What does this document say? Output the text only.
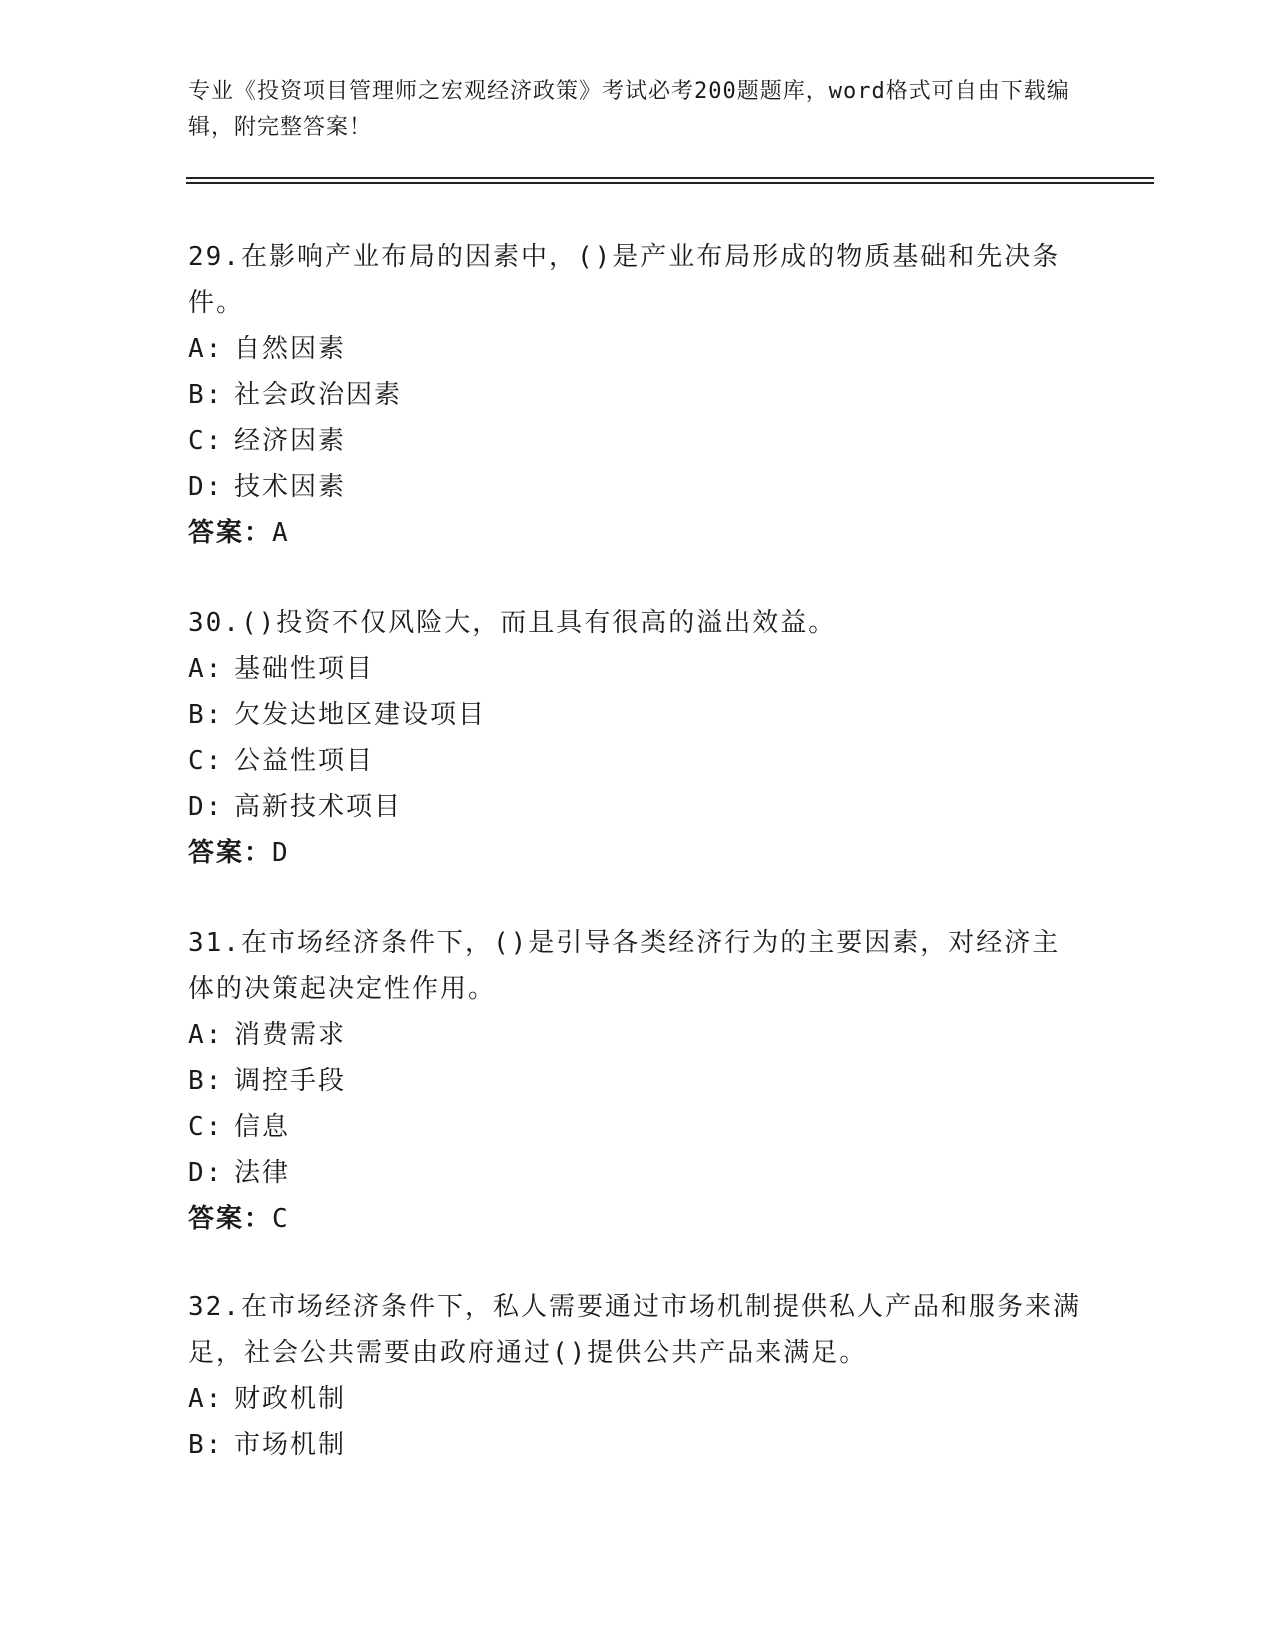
专业《投资项目管理师之宏观经济政策》考试必考200题题库，word格式可自由下载编辑，附完整答案！

29.在影响产业布局的因素中，()是产业布局形成的物质基础和先决条件。

A: 自然因素

B: 社会政治因素

C: 经济因素

D: 技术因素

答案：A

30.()投资不仅风险大，而且具有很高的溢出效益。

A: 基础性项目

B: 欠发达地区建设项目

C: 公益性项目

D: 高新技术项目

答案：D

31.在市场经济条件下，()是引导各类经济行为的主要因素，对经济主体的决策起决定性作用。

A: 消费需求

B: 调控手段

C: 信息

D: 法律

答案：C

32.在市场经济条件下，私人需要通过市场机制提供私人产品和服务来满足，社会公共需要由政府通过()提供公共产品来满足。

A: 财政机制

B: 市场机制
